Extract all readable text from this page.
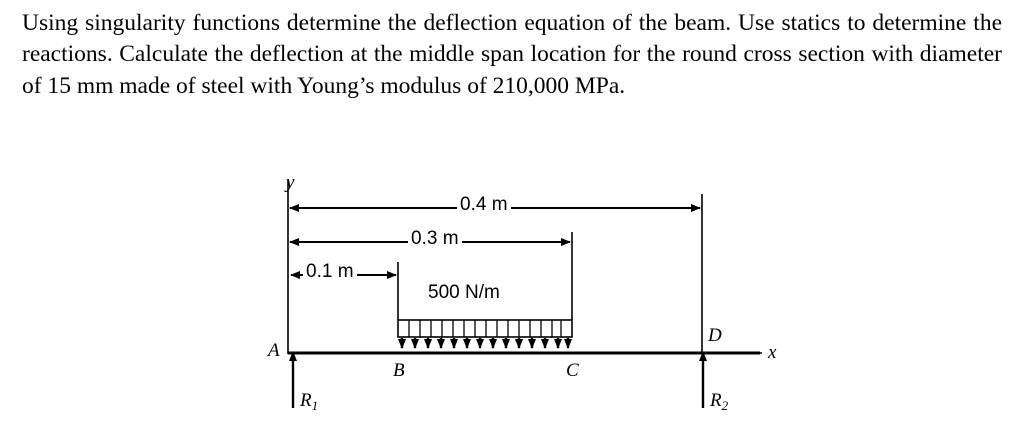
Using singularity functions determine the deflection equation of the beam. Use statics to determine the reactions. Calculate the deflection at the middle span location for the round cross section with diameter of 15 mm made of steel with Young’s modulus of 210,000 MPa.
y
x
0.4 m
0.3 m
0.1 m
500 N/m
A
B	C
D
$R_1$	$R_2$
